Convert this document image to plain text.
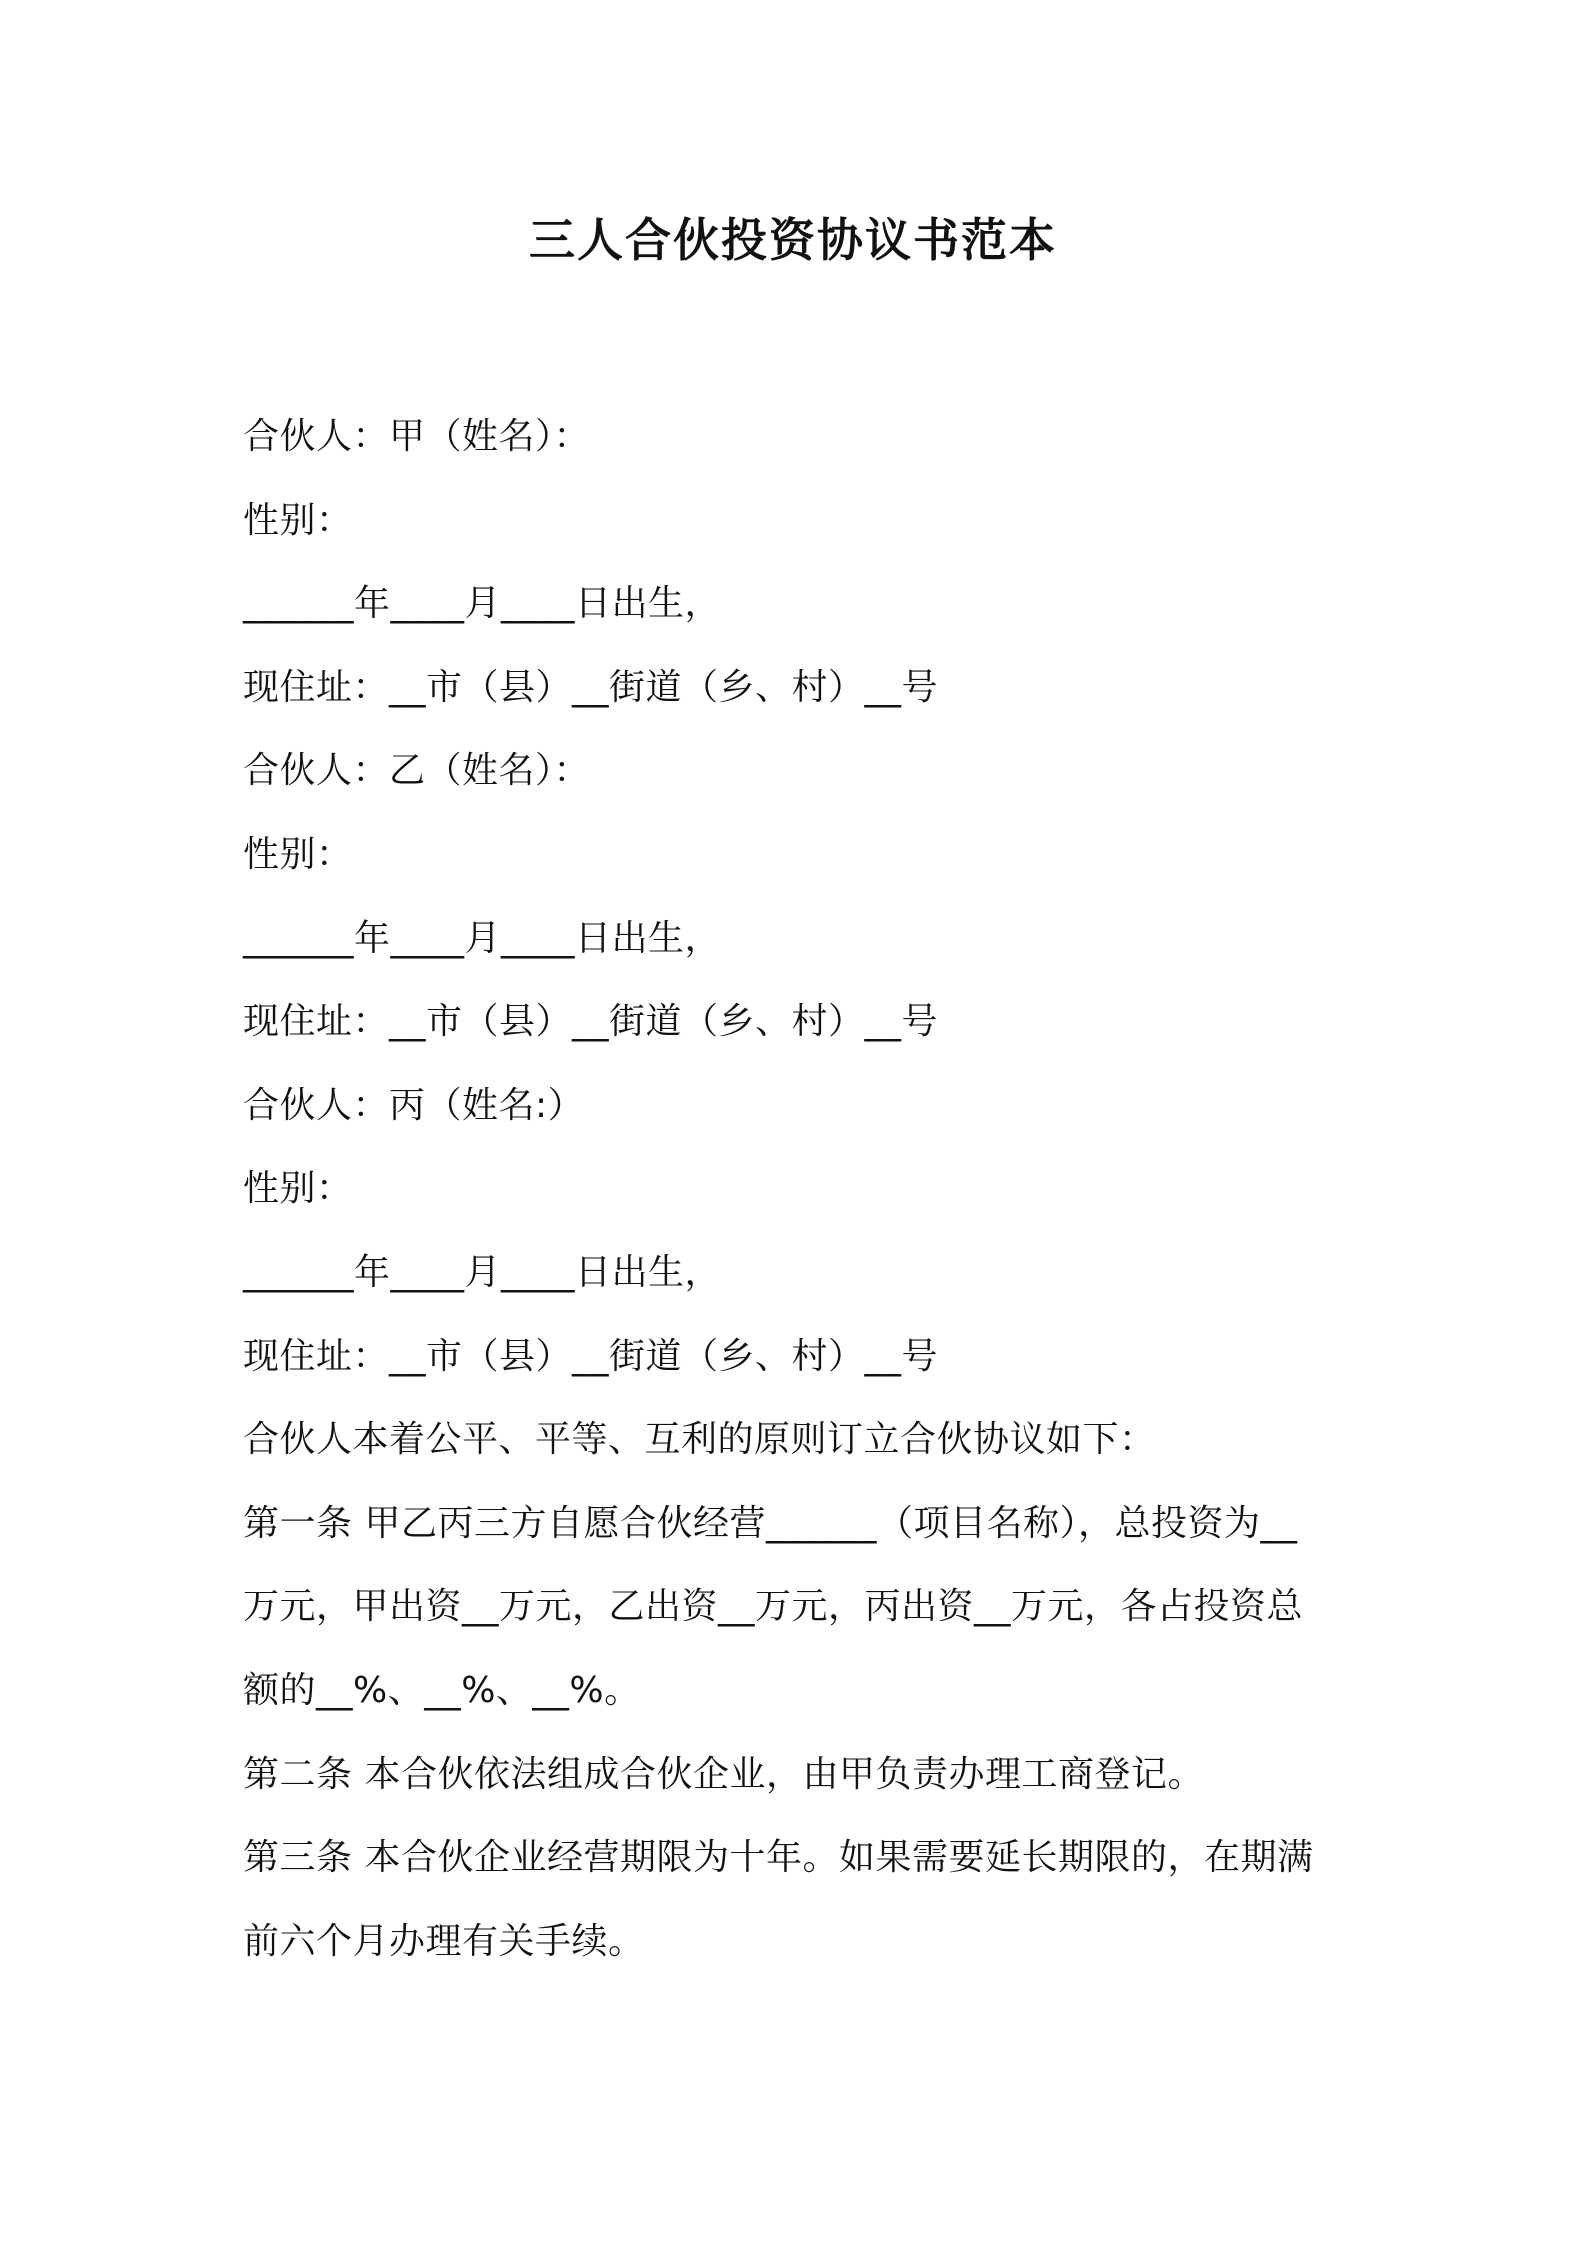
三人合伙投资协议书范本
合伙人：甲（姓名）：
性别：
______年____月____日出生，
现住址：__市（县）__街道（乡、村）__号
合伙人：乙（姓名）：
性别：
______年____月____日出生，
现住址：__市（县）__街道（乡、村）__号
合伙人：丙（姓名:）
性别：
______年____月____日出生，
现住址：__市（县）__街道（乡、村）__号
合伙人本着公平、平等、互利的原则订立合伙协议如下：
第一条 甲乙丙三方自愿合伙经营______（项目名称），总投资为__
万元，甲出资__万元，乙出资__万元，丙出资__万元，各占投资总
额的__%、__%、__%。
第二条 本合伙依法组成合伙企业，由甲负责办理工商登记。
第三条 本合伙企业经营期限为十年。如果需要延长期限的，在期满
前六个月办理有关手续。
